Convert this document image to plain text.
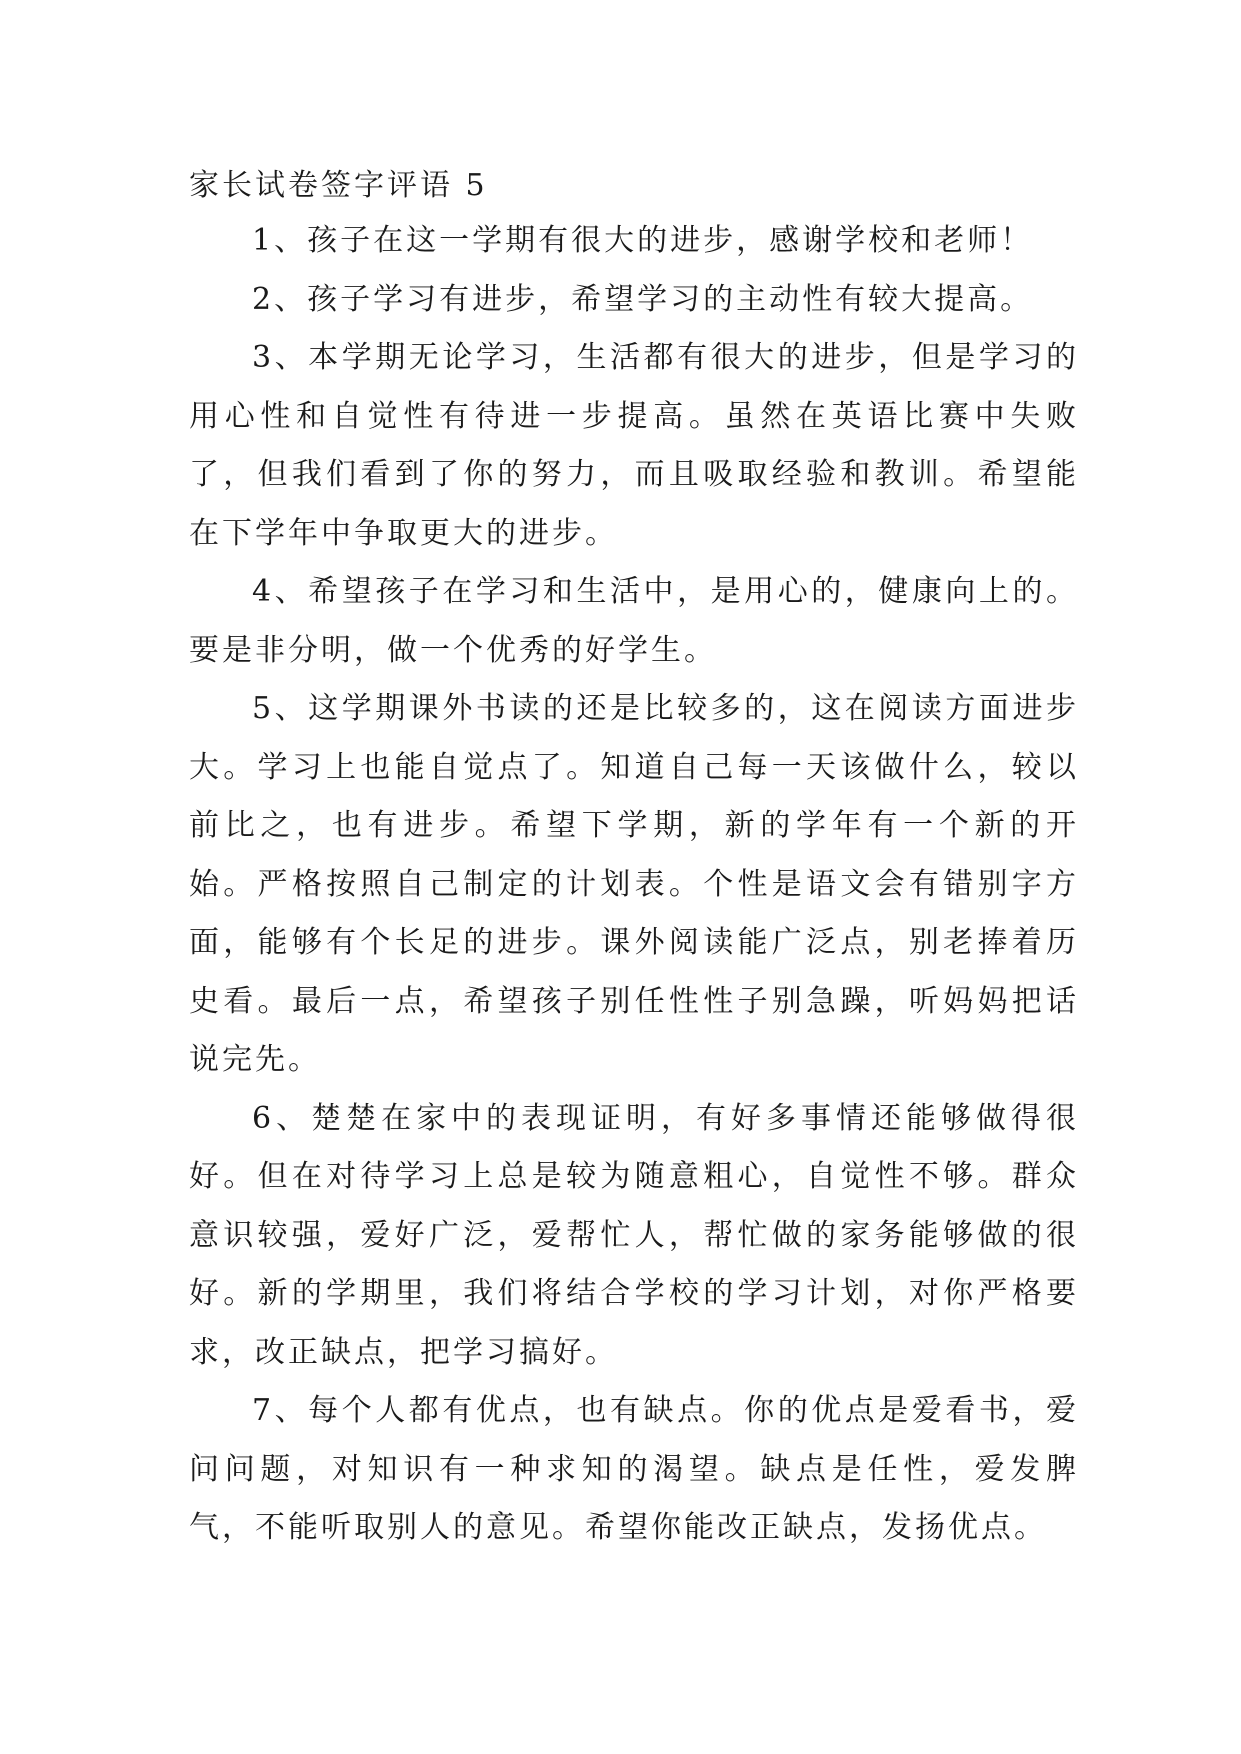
家长试卷签字评语 5

1、孩子在这一学期有很大的进步，感谢学校和老师！

2、孩子学习有进步，希望学习的主动性有较大提高。

3、本学期无论学习，生活都有很大的进步，但是学习的用心性和自觉性有待进一步提高。虽然在英语比赛中失败了，但我们看到了你的努力，而且吸取经验和教训。希望能在下学年中争取更大的进步。

4、希望孩子在学习和生活中，是用心的，健康向上的。要是非分明，做一个优秀的好学生。

5、这学期课外书读的还是比较多的，这在阅读方面进步大。学习上也能自觉点了。知道自己每一天该做什么，较以前比之，也有进步。希望下学期，新的学年有一个新的开始。严格按照自己制定的计划表。个性是语文会有错别字方面，能够有个长足的进步。课外阅读能广泛点，别老捧着历史看。最后一点，希望孩子别任性性子别急躁，听妈妈把话说完先。

6、楚楚在家中的表现证明，有好多事情还能够做得很好。但在对待学习上总是较为随意粗心，自觉性不够。群众意识较强，爱好广泛，爱帮忙人，帮忙做的家务能够做的很好。新的学期里，我们将结合学校的学习计划，对你严格要求，改正缺点，把学习搞好。

7、每个人都有优点，也有缺点。你的优点是爱看书，爱问问题，对知识有一种求知的渴望。缺点是任性，爱发脾气，不能听取别人的意见。希望你能改正缺点，发扬优点。
